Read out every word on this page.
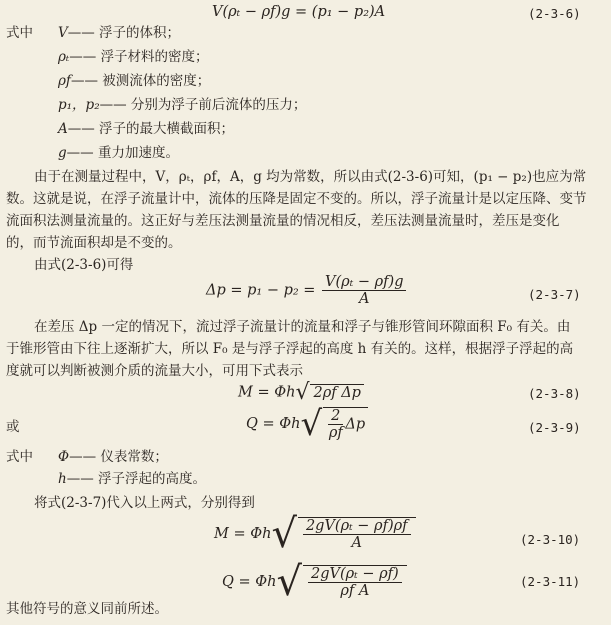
V(ρₜ − ρf)g = (p₁ − p₂)A	(2-3-6)
式中 V—— 浮子的体积；
ρₜ—— 浮子材料的密度；
ρf—— 被测流体的密度；
p₁，p₂—— 分别为浮子前后流体的压力；
A—— 浮子的最大横截面积；
g—— 重力加速度。
由于在测量过程中，V，ρₜ，ρf，A，g 均为常数，所以由式(2-3-6)可知，(p₁ − p₂)也应为常
数。这就是说，在浮子流量计中，流体的压降是固定不变的。所以，浮子流量计是以定压降、变节
流面积法测量流量的。这正好与差压法测量流量的情况相反，差压法测量流量时，差压是变化
的，而节流面积却是不变的。
由式(2-3-6)可得
$\Delta p = p_1 - p_2 = \frac{\text{V(ρₜ − ρf)g}}{A}$	(2-3-7)
在差压 Δp 一定的情况下，流过浮子流量计的流量和浮子与锥形管间环隙面积 F₀ 有关。由
于锥形管由下往上逐渐扩大，所以 F₀ 是与浮子浮起的高度 h 有关的。这样，根据浮子浮起的高
度就可以判断被测介质的流量大小，可用下式表示
M = Φh√ 2ρf Δp	(2-3-8)
或	$Q = \Phi h√ \frac{2}{\rho f}$ Δp	(2-3-9)
式中 Φ—— 仪表常数；
h—— 浮子浮起的高度。
将式(2-3-7)代入以上两式，分别得到
$M = \Phi h√ \frac{\text{2gV(ρₜ − ρf)ρf}}{A}$	(2-3-10)
$Q = \Phi h√ \frac{\text{2gV(ρₜ − ρf)}}{\text{ρf A}}$	(2-3-11)
其他符号的意义同前所述。
